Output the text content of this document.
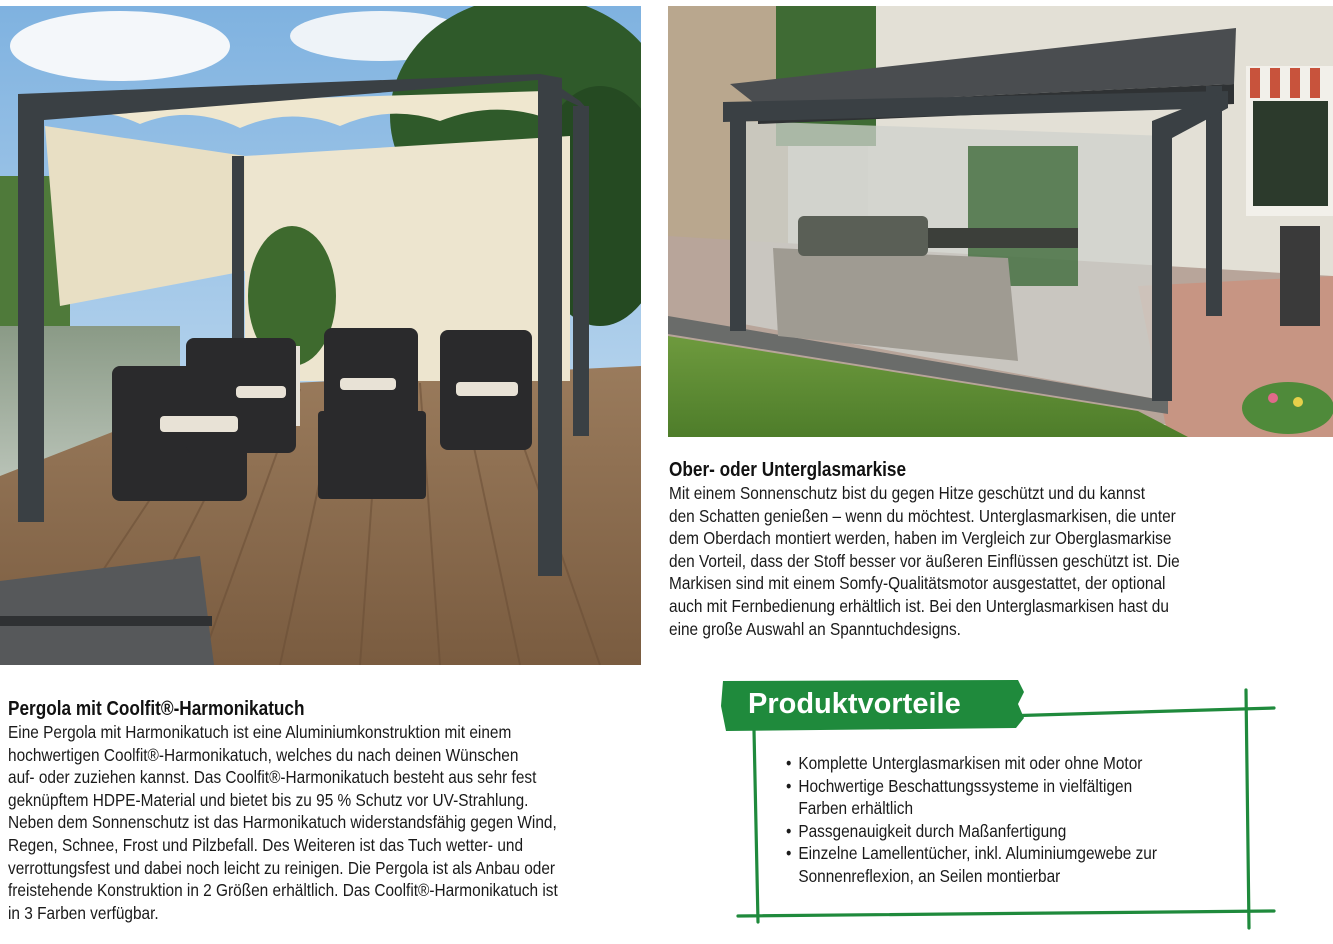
Ober- oder Unterglasmarkise

Mit einem Sonnenschutz bist du gegen Hitze geschützt und du kannst
den Schatten genießen – wenn du möchtest. Unterglasmarkisen, die unter
dem Oberdach montiert werden, haben im Vergleich zur Oberglasmarkise
den Vorteil, dass der Stoff besser vor äußeren Einflüssen geschützt ist. Die
Markisen sind mit einem Somfy-Qualitätsmotor ausgestattet, der optional
auch mit Fernbedienung erhältlich ist. Bei den Unterglasmarkisen hast du
eine große Auswahl an Spanntuchdesigns.

Pergola mit Coolfit®-Harmonikatuch

Eine Pergola mit Harmonikatuch ist eine Aluminiumkonstruktion mit einem
hochwertigen Coolfit®-Harmonikatuch, welches du nach deinen Wünschen
auf- oder zuziehen kannst. Das Coolfit®-Harmonikatuch besteht aus sehr fest
geknüpftem HDPE-Material und bietet bis zu 95 % Schutz vor UV-Strahlung.
Neben dem Sonnenschutz ist das Harmonikatuch widerstandsfähig gegen Wind,
Regen, Schnee, Frost und Pilzbefall. Des Weiteren ist das Tuch wetter- und
verrottungsfest und dabei noch leicht zu reinigen. Die Pergola ist als Anbau oder
freistehende Konstruktion in 2 Größen erhältlich. Das Coolfit®-Harmonikatuch ist
in 3 Farben verfügbar.

Produktvorteile
• Komplette Unterglasmarkisen mit oder ohne Motor
• Hochwertige Beschattungssysteme in vielfältigen
Farben erhältlich
• Passgenauigkeit durch Maßanfertigung
• Einzelne Lamellentücher, inkl. Aluminiumgewebe zur
Sonnenreflexion, an Seilen montierbar
